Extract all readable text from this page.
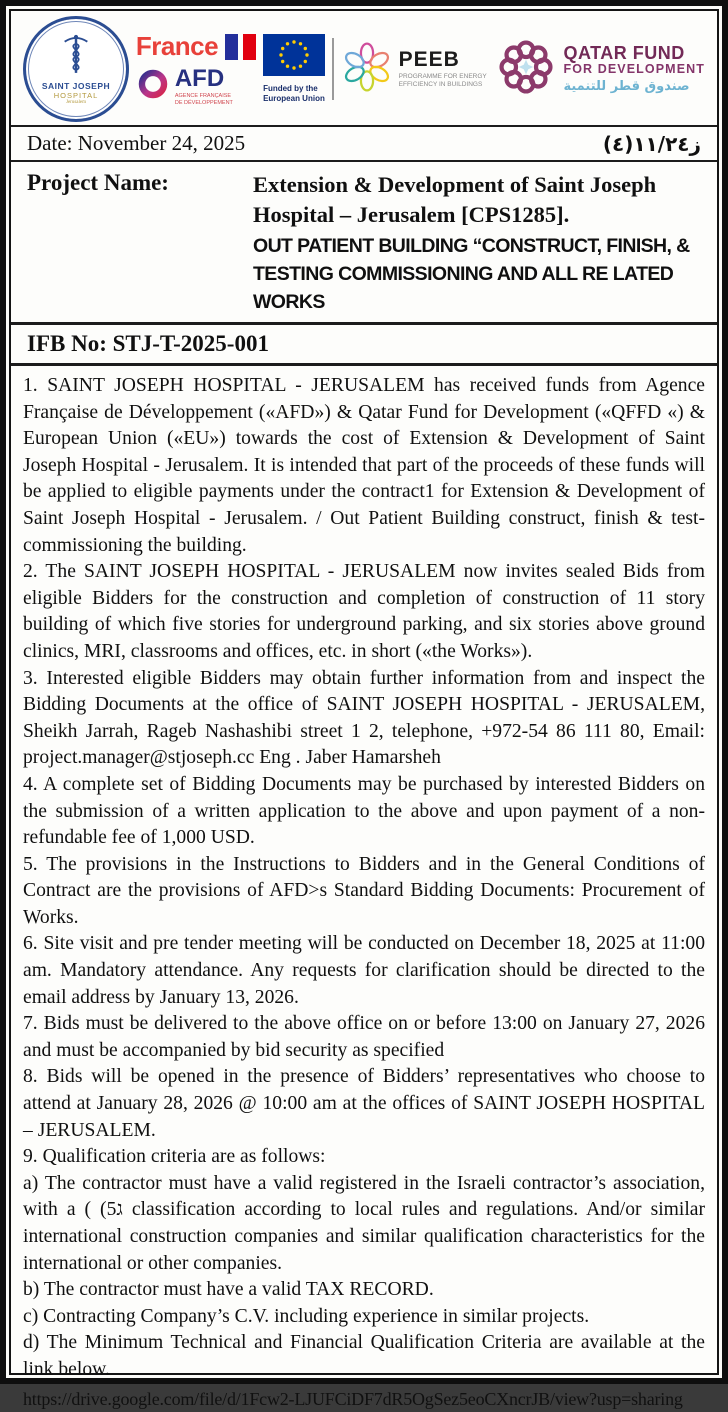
SAINT JOSEPH
HOSPITAL
Jerusalem
France
AFD
AGENCE FRANÇAISE
DE DÉVELOPPEMENT
Funded by the
European Union
PEEB
PROGRAMME FOR ENERGY EFFICIENCY IN BUILDINGS
QATAR FUND
FOR DEVELOPMENT
صندوق قطر للتنمية
Date: November 24, 2025	(٤)١١/٢٤ز
Project Name:	Extension & Development of Saint Joseph Hospital – Jerusalem [CPS1285].
OUT PATIENT BUILDING “CONSTRUCT, FINISH, & TESTING COMMISSIONING AND ALL RE LATED WORKS
IFB No: STJ-T-2025-001

1. SAINT JOSEPH HOSPITAL - JERUSALEM has received funds from Agence Française de Développement («AFD») & Qatar Fund for Development («QFFD «) & European Union («EU») towards the cost of Extension & Development of Saint Joseph Hospital - Jerusalem. It is intended that part of the proceeds of these funds will be applied to eligible payments under the contract1 for Extension & Development of Saint Joseph Hospital - Jerusalem. / Out Patient Building construct, finish & test-commissioning the building.

2. The SAINT JOSEPH HOSPITAL - JERUSALEM now invites sealed Bids from eligible Bidders for the construction and completion of construction of 11 story building of which five stories for underground parking, and six stories above ground clinics, MRI, classrooms and offices, etc. in short («the Works»).

3. Interested eligible Bidders may obtain further information from and inspect the Bidding Documents at the office of SAINT JOSEPH HOSPITAL - JERUSALEM, Sheikh Jarrah, Rageb Nashashibi street 1 2, telephone, +972-54 86 111 80, Email: project.manager@stjoseph.cc Eng . Jaber Hamarsheh

4. A complete set of Bidding Documents may be purchased by interested Bidders on the submission of a written application to the above and upon payment of a non-refundable fee of 1,000 USD.

5. The provisions in the Instructions to Bidders and in the General Conditions of Contract are the provisions of AFD>s Standard Bidding Documents: Procurement of Works.

6. Site visit and pre tender meeting will be conducted on December 18, 2025 at 11:00 am. Mandatory attendance. Any requests for clarification should be directed to the email address by January 13, 2026.

7. Bids must be delivered to the above office on or before 13:00 on January 27, 2026 and must be accompanied by bid security as specified

8. Bids will be opened in the presence of Bidders’ representatives who choose to attend at January 28, 2026 @ 10:00 am at the offices of SAINT JOSEPH HOSPITAL – JERUSALEM.

9. Qualification criteria are as follows:

a) The contractor must have a valid registered in the Israeli contractor’s association, with a ( (5ג classification according to local rules and regulations. And/or similar international construction companies and similar qualification characteristics for the international or other companies.

b) The contractor must have a valid TAX RECORD.

c) Contracting Company’s C.V. including experience in similar projects.

d) The Minimum Technical and Financial Qualification Criteria are available at the link below.

https://drive.google.com/file/d/1Fcw2-LJUFCiDF7dR5OgSez5eoCXncrJB/view?usp=sharing
